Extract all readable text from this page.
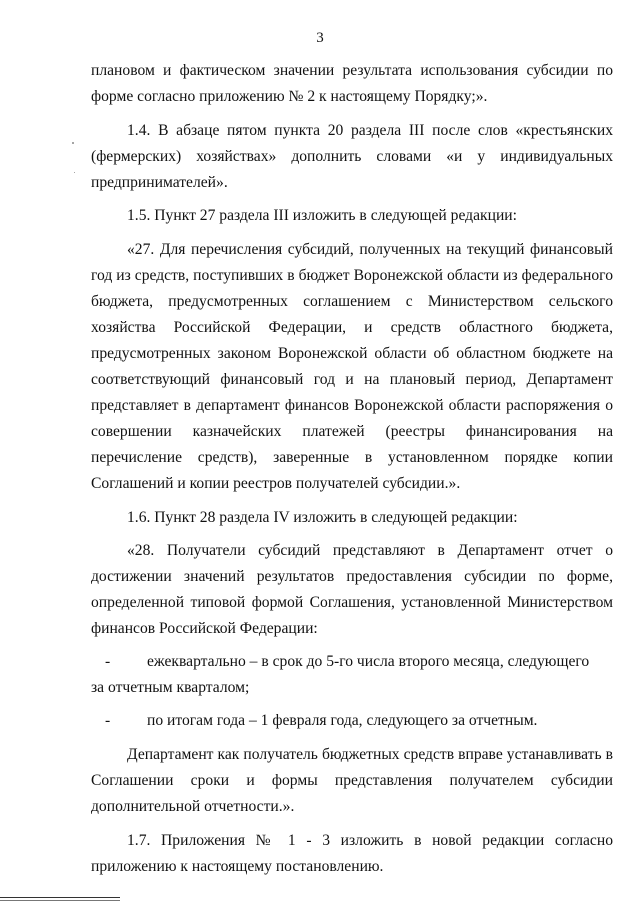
3

плановом и фактическом значении результата использования субсидии по форме согласно приложению № 2 к настоящему Порядку;».

1.4. В абзаце пятом пункта 20 раздела III после слов «крестьянских (фермерских) хозяйствах» дополнить словами «и у индивидуальных предпринимателей».

1.5. Пункт 27 раздела III изложить в следующей редакции:

«27. Для перечисления субсидий, полученных на текущий финансовый год из средств, поступивших в бюджет Воронежской области из федерального бюджета, предусмотренных соглашением с Министерством сельского хозяйства Российской Федерации, и средств областного бюджета, предусмотренных законом Воронежской области об областном бюджете на соответствующий финансовый год и на плановый период, Департамент представляет в департамент финансов Воронежской области распоряжения о совершении казначейских платежей (реестры финансирования на перечисление средств), заверенные в установленном порядке копии Соглашений и копии реестров получателей субсидии.».

1.6. Пункт 28 раздела IV изложить в следующей редакции:

«28. Получатели субсидий представляют в Департамент отчет о достижении значений результатов предоставления субсидии по форме, определенной типовой формой Соглашения, установленной Министерством финансов Российской Федерации:

-	ежеквартально – в срок до 5-го числа второго месяца, следующего
за отчетным кварталом;
-	по итогам года – 1 февраля года, следующего за отчетным.

Департамент как получатель бюджетных средств вправе устанавливать в Соглашении сроки и формы представления получателем субсидии дополнительной отчетности.».

1.7. Приложения № 1 - 3 изложить в новой редакции согласно приложению к настоящему постановлению.
